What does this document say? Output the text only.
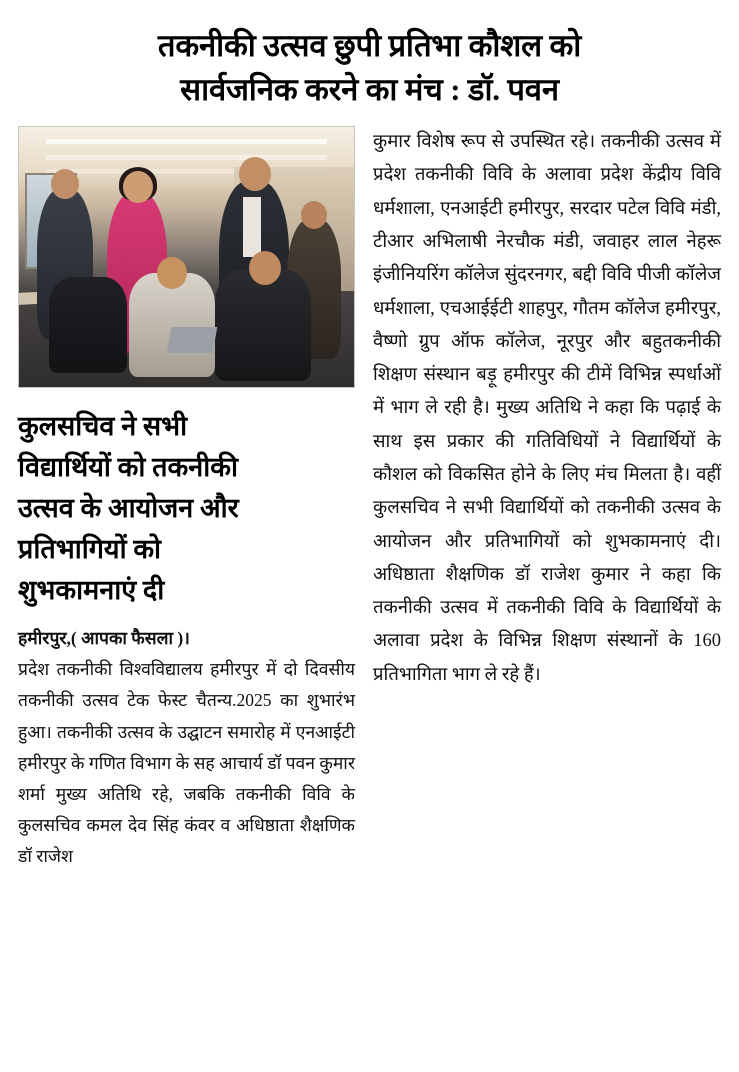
तकनीकी उत्सव छुपी प्रतिभा कौशल को
सार्वजनिक करने का मंच : डॉ. पवन
कुलसचिव ने सभी
विद्यार्थियों को तकनीकी
उत्सव के आयोजन और
प्रतिभागियों को
शुभकामनाएं दी
हमीरपुर,( आपका फैसला )।

प्रदेश तकनीकी विश्वविद्यालय हमीरपुर में दो दिवसीय तकनीकी उत्सव टेक फेस्ट चैतन्य.2025 का शुभारंभ हुआ। तकनीकी उत्सव के उद्घाटन समारोह में एनआईटी हमीरपुर के गणित विभाग के सह आचार्य डॉ पवन कुमार शर्मा मुख्य अतिथि रहे, जबकि तकनीकी विवि के कुलसचिव कमल देव सिंह कंवर व अधिष्ठाता शैक्षणिक डॉ राजेश

कुमार विशेष रूप से उपस्थित रहे। तकनीकी उत्सव में प्रदेश तकनीकी विवि के अलावा प्रदेश केंद्रीय विवि धर्मशाला, एनआईटी हमीरपुर, सरदार पटेल विवि मंडी, टीआर अभिलाषी नेरचौक मंडी, जवाहर लाल नेहरू इंजीनियरिंग कॉलेज सुंदरनगर, बद्दी विवि पीजी कॉलेज धर्मशाला, एचआईईटी शाहपुर, गौतम कॉलेज हमीरपुर, वैष्णो ग्रुप ऑफ कॉलेज, नूरपुर और बहुतकनीकी शिक्षण संस्थान बड़ू हमीरपुर की टीमें विभिन्न स्पर्धाओं में भाग ले रही है। मुख्य अतिथि ने कहा कि पढ़ाई के साथ इस प्रकार की गतिविधियों ने विद्यार्थियों के कौशल को विकसित होने के लिए मंच मिलता है। वहीं कुलसचिव ने सभी विद्यार्थियों को तकनीकी उत्सव के आयोजन और प्रतिभागियों को शुभकामनाएं दी। अधिष्ठाता शैक्षणिक डॉ राजेश कुमार ने कहा कि तकनीकी उत्सव में तकनीकी विवि के विद्यार्थियों के अलावा प्रदेश के विभिन्न शिक्षण संस्थानों के 160 प्रतिभागिता भाग ले रहे हैं।
